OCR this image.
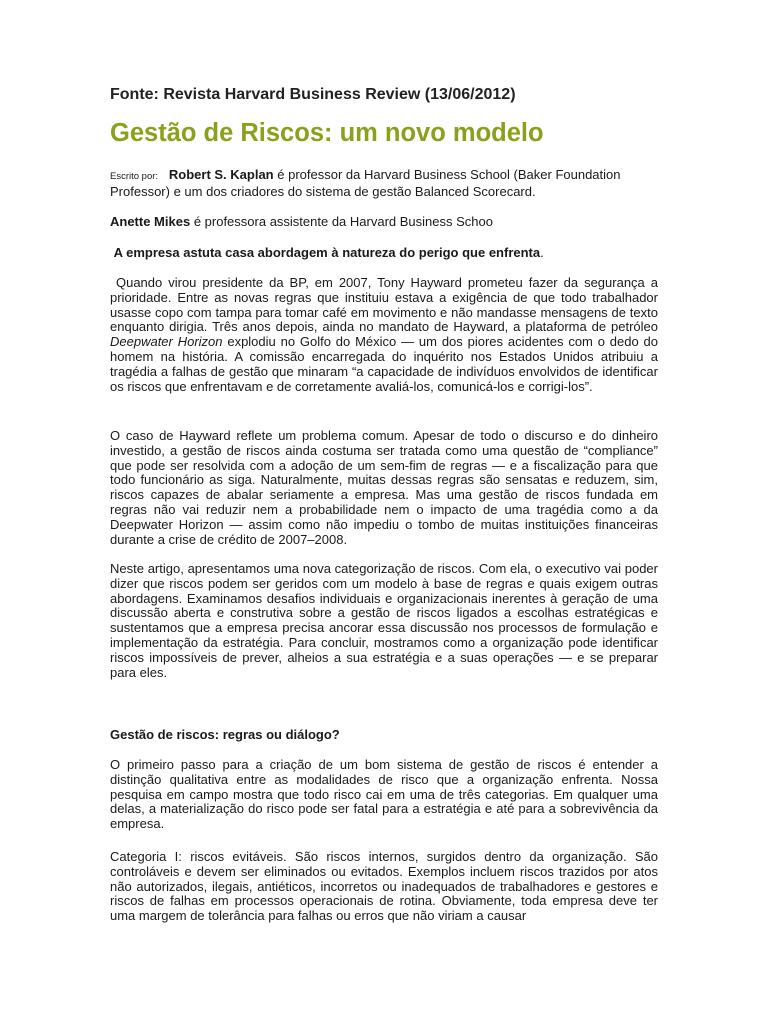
Fonte: Revista Harvard Business Review (13/06/2012)
Gestão de Riscos: um novo modelo
Escrito por: Robert S. Kaplan é professor da Harvard Business School (Baker Foundation Professor) e um dos criadores do sistema de gestão Balanced Scorecard.
Anette Mikes é professora assistente da Harvard Business Schoo
A empresa astuta casa abordagem à natureza do perigo que enfrenta.
Quando virou presidente da BP, em 2007, Tony Hayward prometeu fazer da segurança a prioridade. Entre as novas regras que instituiu estava a exigência de que todo trabalhador usasse copo com tampa para tomar café em movimento e não mandasse mensagens de texto enquanto dirigia. Três anos depois, ainda no mandato de Hayward, a plataforma de petróleo Deepwater Horizon explodiu no Golfo do México — um dos piores acidentes com o dedo do homem na história. A comissão encarregada do inquérito nos Estados Unidos atribuiu a tragédia a falhas de gestão que minaram “a capacidade de indivíduos envolvidos de identificar os riscos que enfrentavam e de corretamente avaliá-los, comunicá-los e corrigi-los”.
O caso de Hayward reflete um problema comum. Apesar de todo o discurso e do dinheiro investido, a gestão de riscos ainda costuma ser tratada como uma questão de “compliance” que pode ser resolvida com a adoção de um sem-fim de regras — e a fiscalização para que todo funcionário as siga. Naturalmente, muitas dessas regras são sensatas e reduzem, sim, riscos capazes de abalar seriamente a empresa. Mas uma gestão de riscos fundada em regras não vai reduzir nem a probabilidade nem o impacto de uma tragédia como a da Deepwater Horizon — assim como não impediu o tombo de muitas instituições financeiras durante a crise de crédito de 2007–2008.
Neste artigo, apresentamos uma nova categorização de riscos. Com ela, o executivo vai poder dizer que riscos podem ser geridos com um modelo à base de regras e quais exigem outras abordagens. Examinamos desafios individuais e organizacionais inerentes à geração de uma discussão aberta e construtiva sobre a gestão de riscos ligados a escolhas estratégicas e sustentamos que a empresa precisa ancorar essa discussão nos processos de formulação e implementação da estratégia. Para concluir, mostramos como a organização pode identificar riscos impossíveis de prever, alheios a sua estratégia e a suas operações — e se preparar para eles.
Gestão de riscos: regras ou diálogo?
O primeiro passo para a criação de um bom sistema de gestão de riscos é entender a distinção qualitativa entre as modalidades de risco que a organização enfrenta. Nossa pesquisa em campo mostra que todo risco cai em uma de três categorias. Em qualquer uma delas, a materialização do risco pode ser fatal para a estratégia e até para a sobrevivência da empresa.
Categoria I: riscos evitáveis. São riscos internos, surgidos dentro da organização. São controláveis e devem ser eliminados ou evitados. Exemplos incluem riscos trazidos por atos não autorizados, ilegais, antiéticos, incorretos ou inadequados de trabalhadores e gestores e riscos de falhas em processos operacionais de rotina. Obviamente, toda empresa deve ter uma margem de tolerância para falhas ou erros que não viriam a causar
